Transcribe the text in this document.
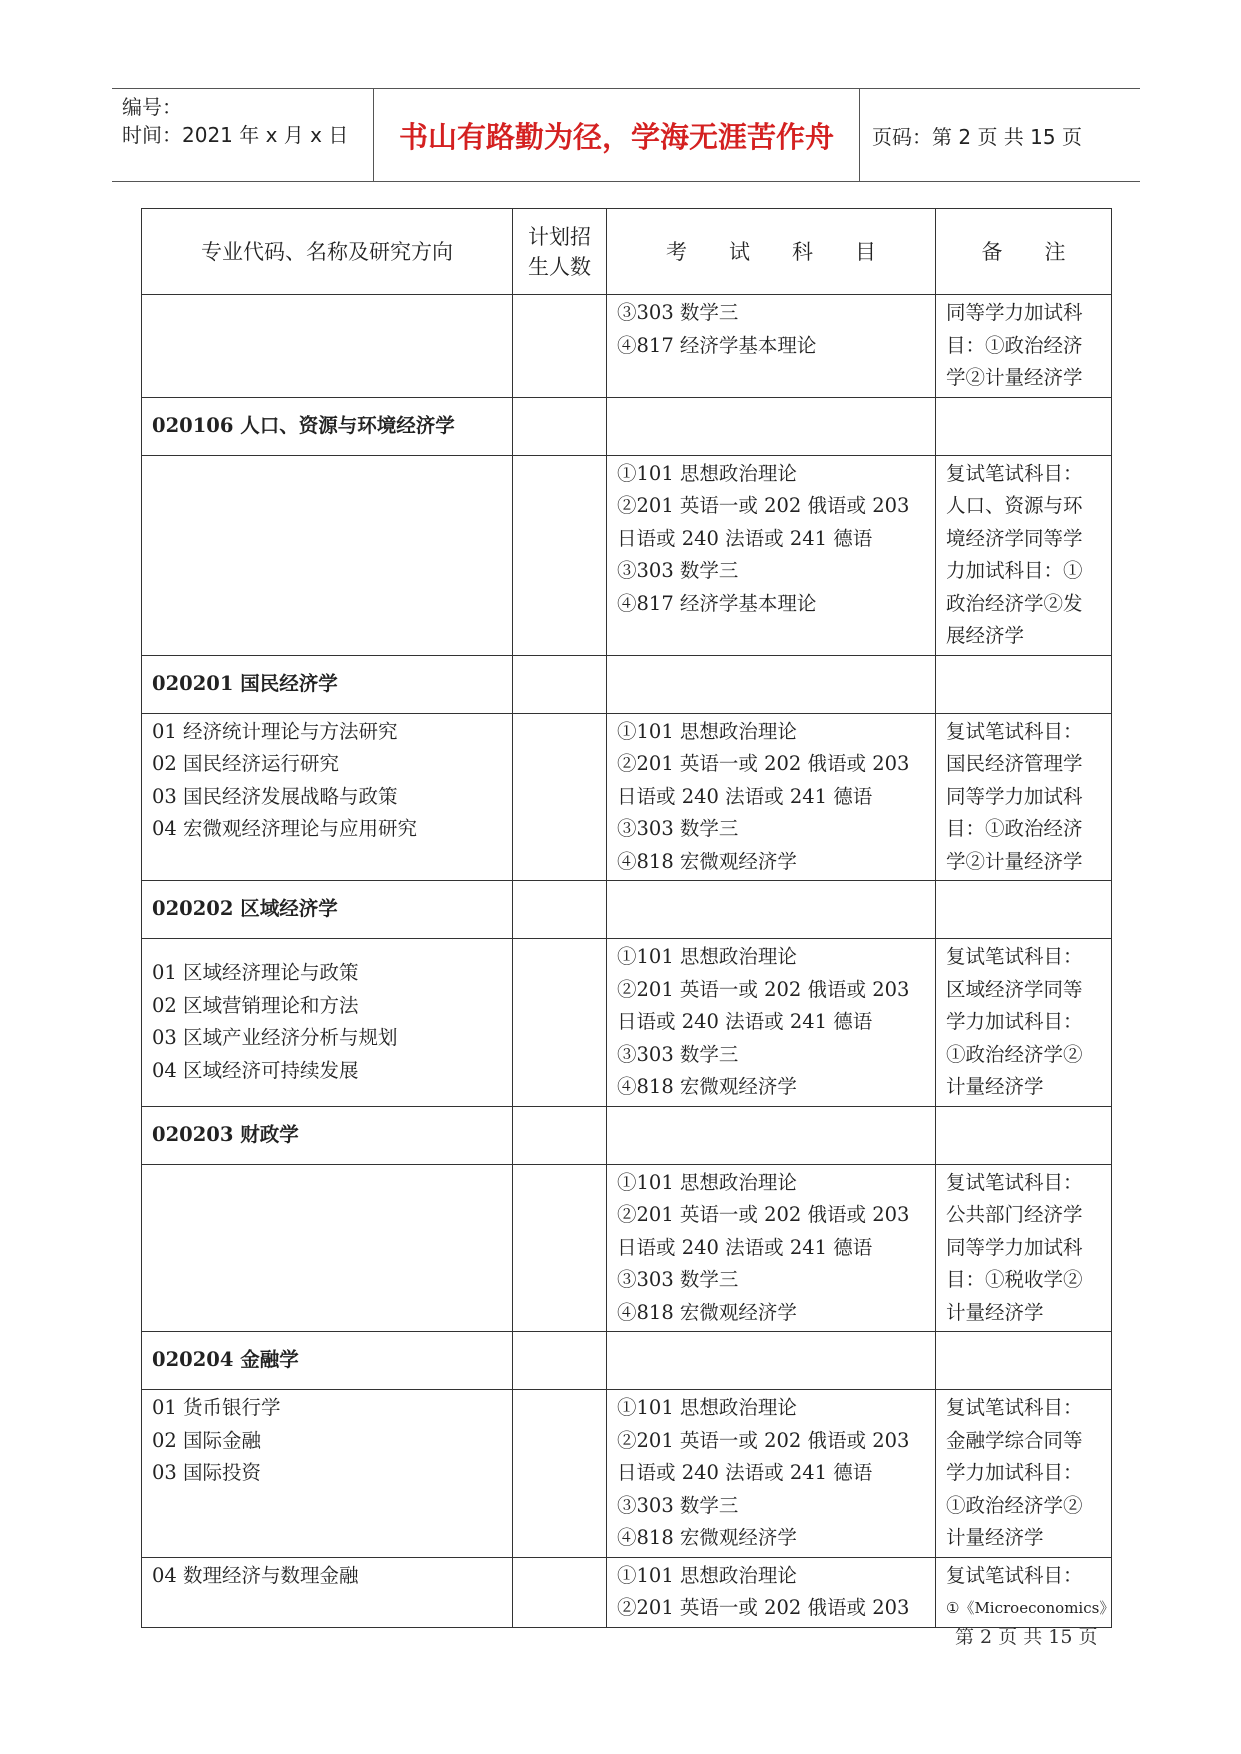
编号：
时间：2021 年 x 月 x 日	书山有路勤为径，学海无涯苦作舟	页码：第 2 页 共 15 页
专业代码、名称及研究方向	计划招生人数	考　　试　　科　　目	备　　注

		③303 数学三
④817 经济学基本理论	同等学力加试科目：①政治经济学②计量经济学
020106 人口、资源与环境经济学			

		①101 思想政治理论
②201 英语一或 202 俄语或 203
日语或 240 法语或 241 德语
③303 数学三
④817 经济学基本理论	复试笔试科目：人口、资源与环境经济学同等学力加试科目：①政治经济学②发展经济学
020201 国民经济学			

01 经济统计理论与方法研究
02 国民经济运行研究
03 国民经济发展战略与政策
04 宏微观经济理论与应用研究		①101 思想政治理论
②201 英语一或 202 俄语或 203
日语或 240 法语或 241 德语
③303 数学三
④818 宏微观经济学	复试笔试科目：国民经济管理学同等学力加试科目：①政治经济学②计量经济学
020202 区域经济学			

01 区域经济理论与政策
02 区域营销理论和方法
03 区域产业经济分析与规划
04 区域经济可持续发展		①101 思想政治理论
②201 英语一或 202 俄语或 203
日语或 240 法语或 241 德语
③303 数学三
④818 宏微观经济学	复试笔试科目：区域经济学同等学力加试科目：①政治经济学②计量经济学
020203 财政学			

		①101 思想政治理论
②201 英语一或 202 俄语或 203
日语或 240 法语或 241 德语
③303 数学三
④818 宏微观经济学	复试笔试科目：公共部门经济学同等学力加试科目：①税收学②计量经济学
020204 金融学			

01 货币银行学
02 国际金融
03 国际投资		①101 思想政治理论
②201 英语一或 202 俄语或 203
日语或 240 法语或 241 德语
③303 数学三
④818 宏微观经济学	复试笔试科目：金融学综合同等学力加试科目：①政治经济学②计量经济学

04 数理经济与数理金融		①101 思想政治理论
②201 英语一或 202 俄语或 203	复试笔试科目：
①《Microeconomics》
第 2 页 共 15 页
